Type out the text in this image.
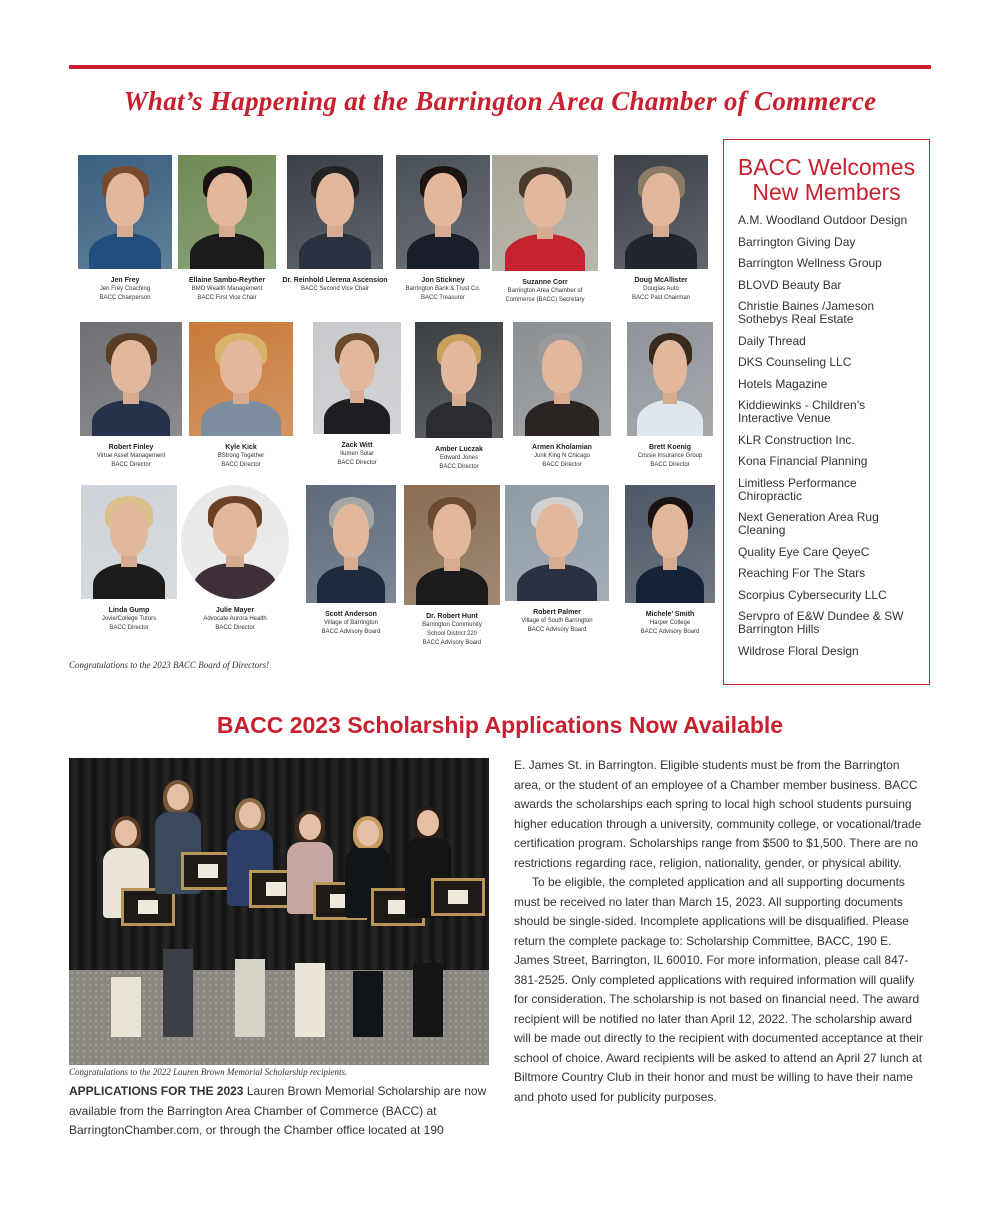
What’s Happening at the Barrington Area Chamber of Commerce
Jen Frey
Jen Frey Coaching
BACC Chairperson
Ellaine Sambo-Reyther
BMO Wealth Management
BACC First Vice Chair
Dr. Reinhold Llerena Ascension
BACC Second Vice Chair
Jon Stickney
Barrington Bank & Trust Co.
BACC Treasurer
Suzanne Corr
Barrington Area Chamber of
Commerce (BACC) Secretary
Doug McAllister
Douglas Auto
BACC Past Chairman
Robert Finley
Virtue Asset Management
BACC Director
Kyle Kick
BStrong Together
BACC Director
Zack Witt
Ilumen Solar
BACC Director
Amber Luczak
Edward Jones
BACC Director
Armen Kholamian
Junk King N Chicago
BACC Director
Brett Koenig
Crissie Insurance Group
BACC Director
Linda Gump
Jovie/College Tutors
BACC Director
Julie Mayer
Advocate Aurora Health
BACC Director
Scott Anderson
Village of Barrington
BACC Advisory Board
Dr. Robert Hunt
Barrington Community
School District 220
BACC Advisory Board
Robert Palmer
Village of South Barrington
BACC Advisory Board
Michele’ Smith
Harper College
BACC Advisory Board
Congratulations to the 2023 BACC Board of Directors!
BACC Welcomes
New Members
A.M. Woodland Outdoor Design
Barrington Giving Day
Barrington Wellness Group
BLOVD Beauty Bar
Christie Baines /Jameson Sothebys Real Estate
Daily Thread
DKS Counseling LLC
Hotels Magazine
Kiddiewinks - Children’s Interactive Venue
KLR Construction Inc.
Kona Financial Planning
Limitless Performance Chiropractic
Next Generation Area Rug Cleaning
Quality Eye Care QeyeC
Reaching For The Stars
Scorpius Cybersecurity LLC
Servpro of E&W Dundee & SW Barrington Hills
Wildrose Floral Design
BACC 2023 Scholarship Applications Now Available
Congratulations to the 2022 Lauren Brown Memorial Scholarship recipients.
APPLICATIONS FOR THE 2023 Lauren Brown Memorial Scholarship are now available from the Barrington Area Chamber of Commerce (BACC) at BarringtonChamber.com, or through the Chamber office located at 190

E. James St. in Barrington. Eligible students must be from the Barrington area, or the student of an employee of a Chamber member business. BACC awards the scholarships each spring to local high school students pursuing higher education through a university, community college, or vocational/trade certification program. Scholarships range from $500 to $1,500. There are no restrictions regarding race, religion, nationality, gender, or physical ability.

To be eligible, the completed application and all supporting documents must be received no later than March 15, 2023. All supporting documents should be single-sided. Incomplete applications will be disqualified. Please return the complete package to: Scholarship Committee, BACC, 190 E. James Street, Barrington, IL 60010. For more information, please call 847-381-2525. Only completed applications with required information will qualify for consideration. The scholarship is not based on financial need. The award recipient will be notified no later than April 12, 2022. The scholarship award will be made out directly to the recipient with documented acceptance at their school of choice. Award recipients will be asked to attend an April 27 lunch at Biltmore Country Club in their honor and must be willing to have their name and photo used for publicity purposes.
